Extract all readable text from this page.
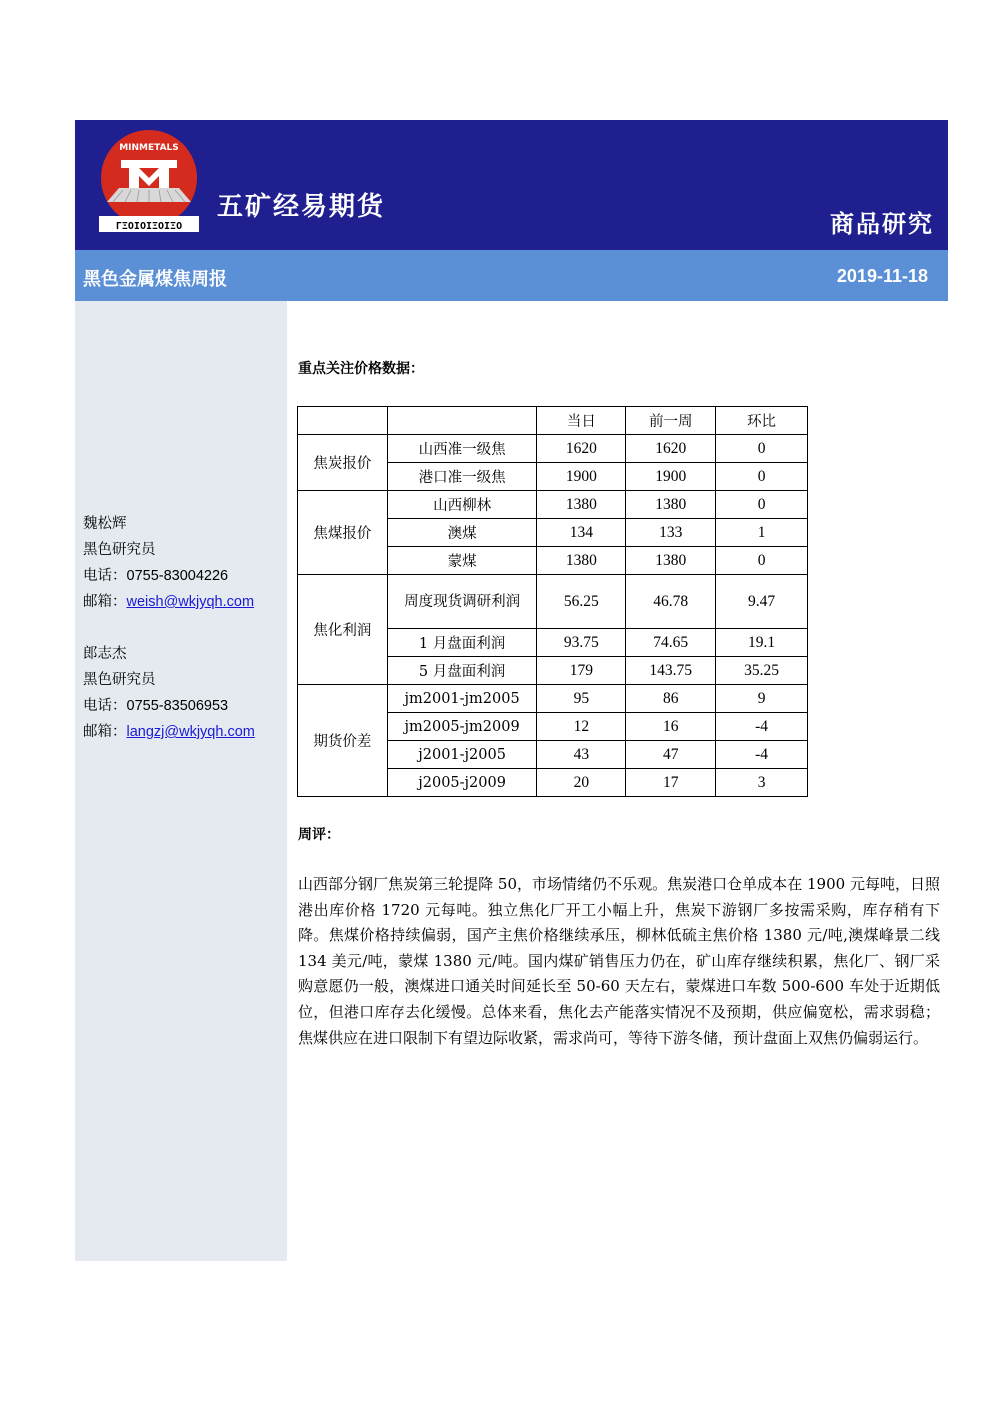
MINMETALS
ΓΞΟΙΟΙΞΟΙΞΟ
五矿经易期货
商品研究
黑色金属煤焦周报	2019-11-18
魏松辉
黑色研究员
电话：0755-83004226
邮箱：weish@wkjyqh.com
郎志杰
黑色研究员
电话：0755-83506953
邮箱：langzj@wkjyqh.com
重点关注价格数据：
		当日	前一周	环比
焦炭报价	山西准一级焦	1620	1620	0
	港口准一级焦	1900	1900	0
焦煤报价	山西柳林	1380	1380	0
	澳煤	134	133	1
	蒙煤	1380	1380	0
焦化利润	周度现货调研利润	56.25	46.78	9.47
	1 月盘面利润	93.75	74.65	19.1
	5 月盘面利润	179	143.75	35.25
期货价差	jm2001-jm2005	95	86	9
	jm2005-jm2009	12	16	-4
	j2001-j2005	43	47	-4
	j2005-j2009	20	17	3
周评：
山西部分钢厂焦炭第三轮提降 50，市场情绪仍不乐观。焦炭港口仓单成本在 1900 元每吨，日照港出库价格 1720 元每吨。独立焦化厂开工小幅上升，焦炭下游钢厂多按需采购，库存稍有下降。焦煤价格持续偏弱，国产主焦价格继续承压，柳林低硫主焦价格 1380 元/吨,澳煤峰景二线 134 美元/吨，蒙煤 1380 元/吨。国内煤矿销售压力仍在，矿山库存继续积累，焦化厂、钢厂采购意愿仍一般，澳煤进口通关时间延长至 50-60 天左右，蒙煤进口车数 500-600 车处于近期低位，但港口库存去化缓慢。总体来看，焦化去产能落实情况不及预期，供应偏宽松，需求弱稳；焦煤供应在进口限制下有望边际收紧，需求尚可，等待下游冬储，预计盘面上双焦仍偏弱运行。
